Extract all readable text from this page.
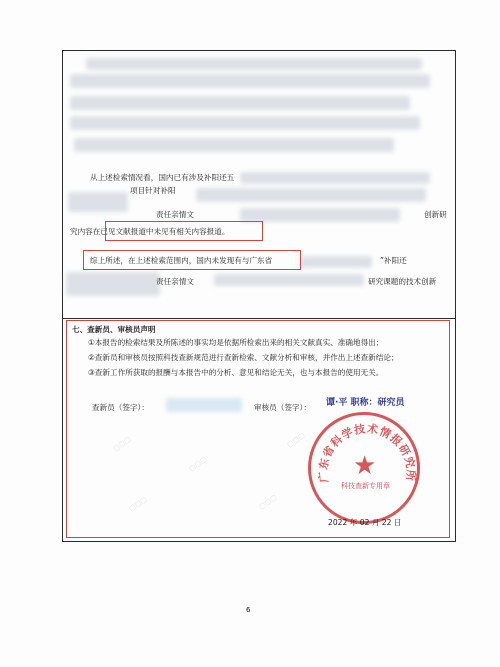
从上述检索情况看，国内已有涉及补阳还五
项目针对补阳
责任亲情文	创新研
究内容在已见文献报道中未见有相关内容报道。
综上所述，在上述检索范围内，国内未发现有与广东省	”补阳还
责任亲情文	研究课题的技术创新
七、查新员、审核员声明
①本报告的检索结果及所陈述的事实均是依据所检索出来的相关文献真实、准确地得出；
②查新员和审核员按照科技查新规范进行查新检索、文献分析和审核，并作出上述查新结论；
③查新工作所获取的报酬与本报告中的分析、意见和结论无关，也与本报告的使用无关。
查新员（签字）：	审核员（签字）： 谭·平 职称：研究员
广东省科学技术情报研究所
★
科技查新专用章
2022 年 02 月 22 日
▢▢▢
▢▢▢
▢▢▢	▢▢▢
▢▢▢
6
